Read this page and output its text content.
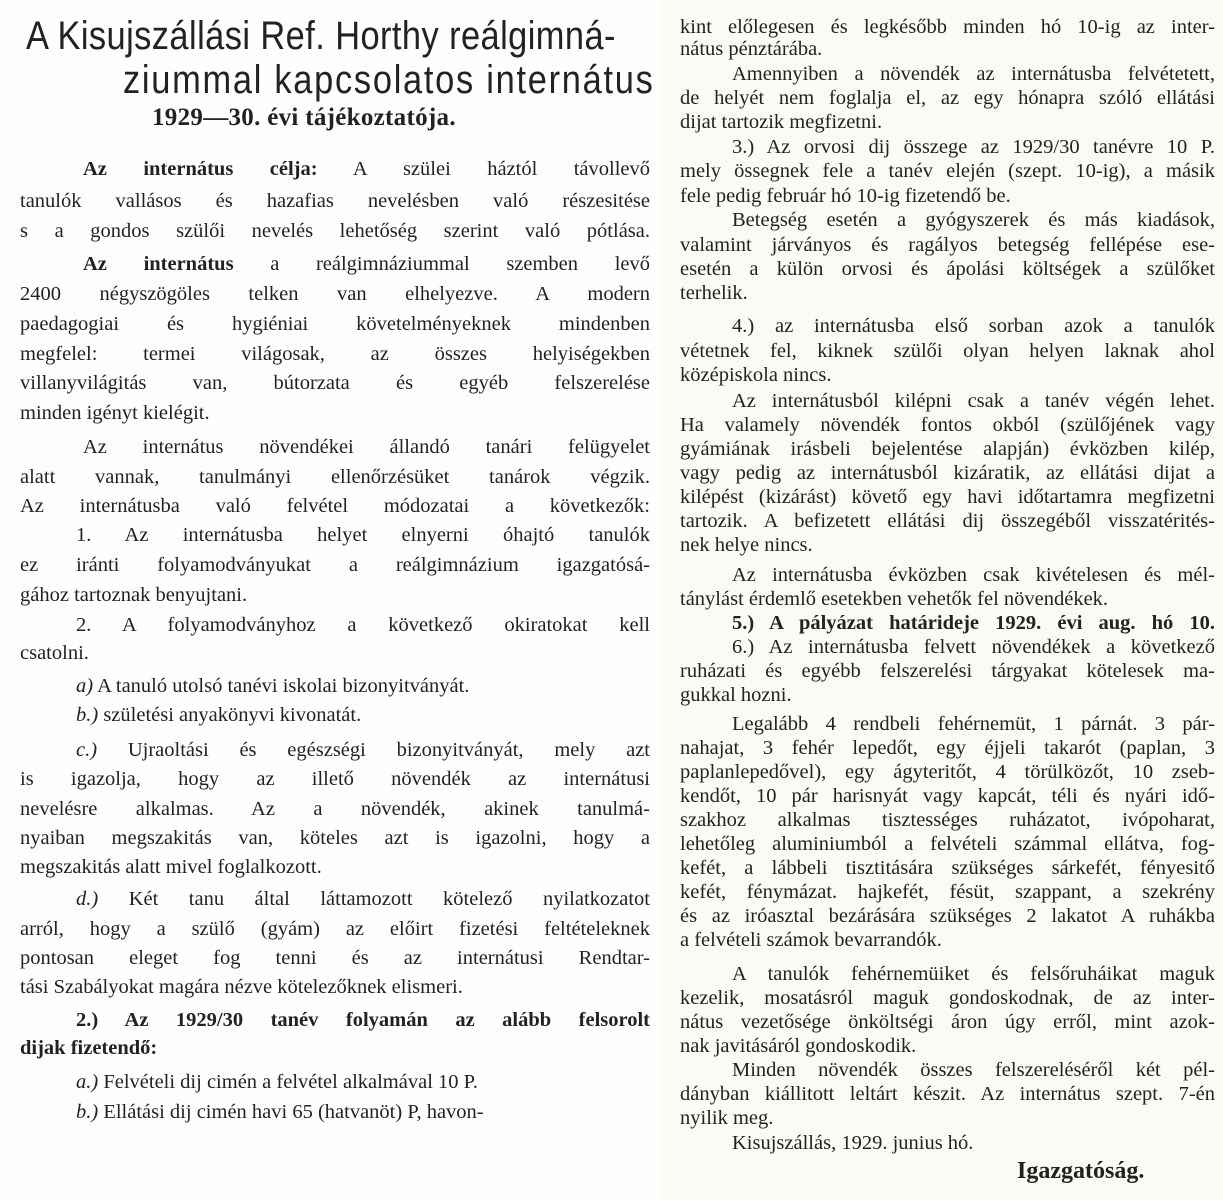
A Kisujszállási Ref. Horthy reálgimná-
ziummal kapcsolatos internátus
1929—30. évi tájékoztatója.
Az internátus célja: A szülei háztól távollevő
tanulók vallásos és hazafias nevelésben való részesitése
s a gondos szülői nevelés lehetőség szerint való pótlása.
Az internátus a reálgimnáziummal szemben levő
2400 négyszögöles telken van elhelyezve. A modern
paedagogiai és hygiéniai követelményeknek mindenben
megfelel: termei világosak, az összes helyiségekben
villanyvilágitás van, bútorzata és egyéb felszerelése
minden igényt kielégit.
Az internátus növendékei állandó tanári felügyelet
alatt vannak, tanulmányi ellenőrzésüket tanárok végzik.
Az internátusba való felvétel módozatai a következők:
1. Az internátusba helyet elnyerni óhajtó tanulók
ez iránti folyamodványukat a reálgimnázium igazgatósá-
gához tartoznak benyujtani.
2. A folyamodványhoz a következő okiratokat kell
csatolni.
a) A tanuló utolsó tanévi iskolai bizonyitványát.
b.) születési anyakönyvi kivonatát.
c.) Ujraoltási és egészségi bizonyitványát, mely azt
is igazolja, hogy az illető növendék az internátusi
nevelésre alkalmas. Az a növendék, akinek tanulmá-
nyaiban megszakitás van, köteles azt is igazolni, hogy a
megszakitás alatt mivel foglalkozott.
d.) Két tanu által láttamozott kötelező nyilatkozatot
arról, hogy a szülő (gyám) az előirt fizetési feltételeknek
pontosan eleget fog tenni és az internátusi Rendtar-
tási Szabályokat magára nézve kötelezőknek elismeri.
2.) Az 1929/30 tanév folyamán az alább felsorolt
dijak fizetendő:
a.) Felvételi dij cimén a felvétel alkalmával 10 P.
b.) Ellátási dij cimén havi 65 (hatvanöt) P, havon-
kint előlegesen és legkésőbb minden hó 10-ig az inter-
nátus pénztárába.
Amennyiben a növendék az internátusba felvétetett,
de helyét nem foglalja el, az egy hónapra szóló ellátási
dijat tartozik megfizetni.
3.) Az orvosi dij összege az 1929/30 tanévre 10 P.
mely össegnek fele a tanév elején (szept. 10-ig), a másik
fele pedig február hó 10-ig fizetendő be.
Betegség esetén a gyógyszerek és más kiadások,
valamint járványos és ragályos betegség fellépése ese-
esetén a külön orvosi és ápolási költségek a szülőket
terhelik.
4.) az internátusba első sorban azok a tanulók
vétetnek fel, kiknek szülői olyan helyen laknak ahol
középiskola nincs.
Az internátusból kilépni csak a tanév végén lehet.
Ha valamely növendék fontos okból (szülőjének vagy
gyámiának irásbeli bejelentése alapján) évközben kilép,
vagy pedig az internátusból kizáratik, az ellátási dijat a
kilépést (kizárást) követő egy havi időtartamra megfizetni
tartozik. A befizetett ellátási dij összegéből visszatérités-
nek helye nincs.
Az internátusba évközben csak kivételesen és mél-
tánylást érdemlő esetekben vehetők fel növendékek.
5.) A pályázat határideje 1929. évi aug. hó 10.
6.) Az internátusba felvett növendékek a következő
ruházati és egyébb felszerelési tárgyakat kötelesek ma-
gukkal hozni.
Legalább 4 rendbeli fehérnemüt, 1 párnát. 3 pár-
nahajat, 3 fehér lepedőt, egy éjjeli takarót (paplan, 3
paplanlepedővel), egy ágyteritőt, 4 törülközőt, 10 zseb-
kendőt, 10 pár harisnyát vagy kapcát, téli és nyári idő-
szakhoz alkalmas tisztességes ruházatot, ivópoharat,
lehetőleg aluminiumból a felvételi számmal ellátva, fog-
kefét, a lábbeli tisztitására szükséges sárkefét, fényesitő
kefét, fénymázat. hajkefét, fésüt, szappant, a szekrény
és az iróasztal bezárására szükséges 2 lakatot A ruhákba
a felvételi számok bevarrandók.
A tanulók fehérnemüiket és felsőruháikat maguk
kezelik, mosatásról maguk gondoskodnak, de az inter-
nátus vezetősége önköltségi áron úgy erről, mint azok-
nak javitásáról gondoskodik.
Minden növendék összes felszereléséről két pél-
dányban kiállitott leltárt készit. Az internátus szept. 7-én
nyilik meg.
Kisujszállás, 1929. junius hó.
Igazgatóság.
